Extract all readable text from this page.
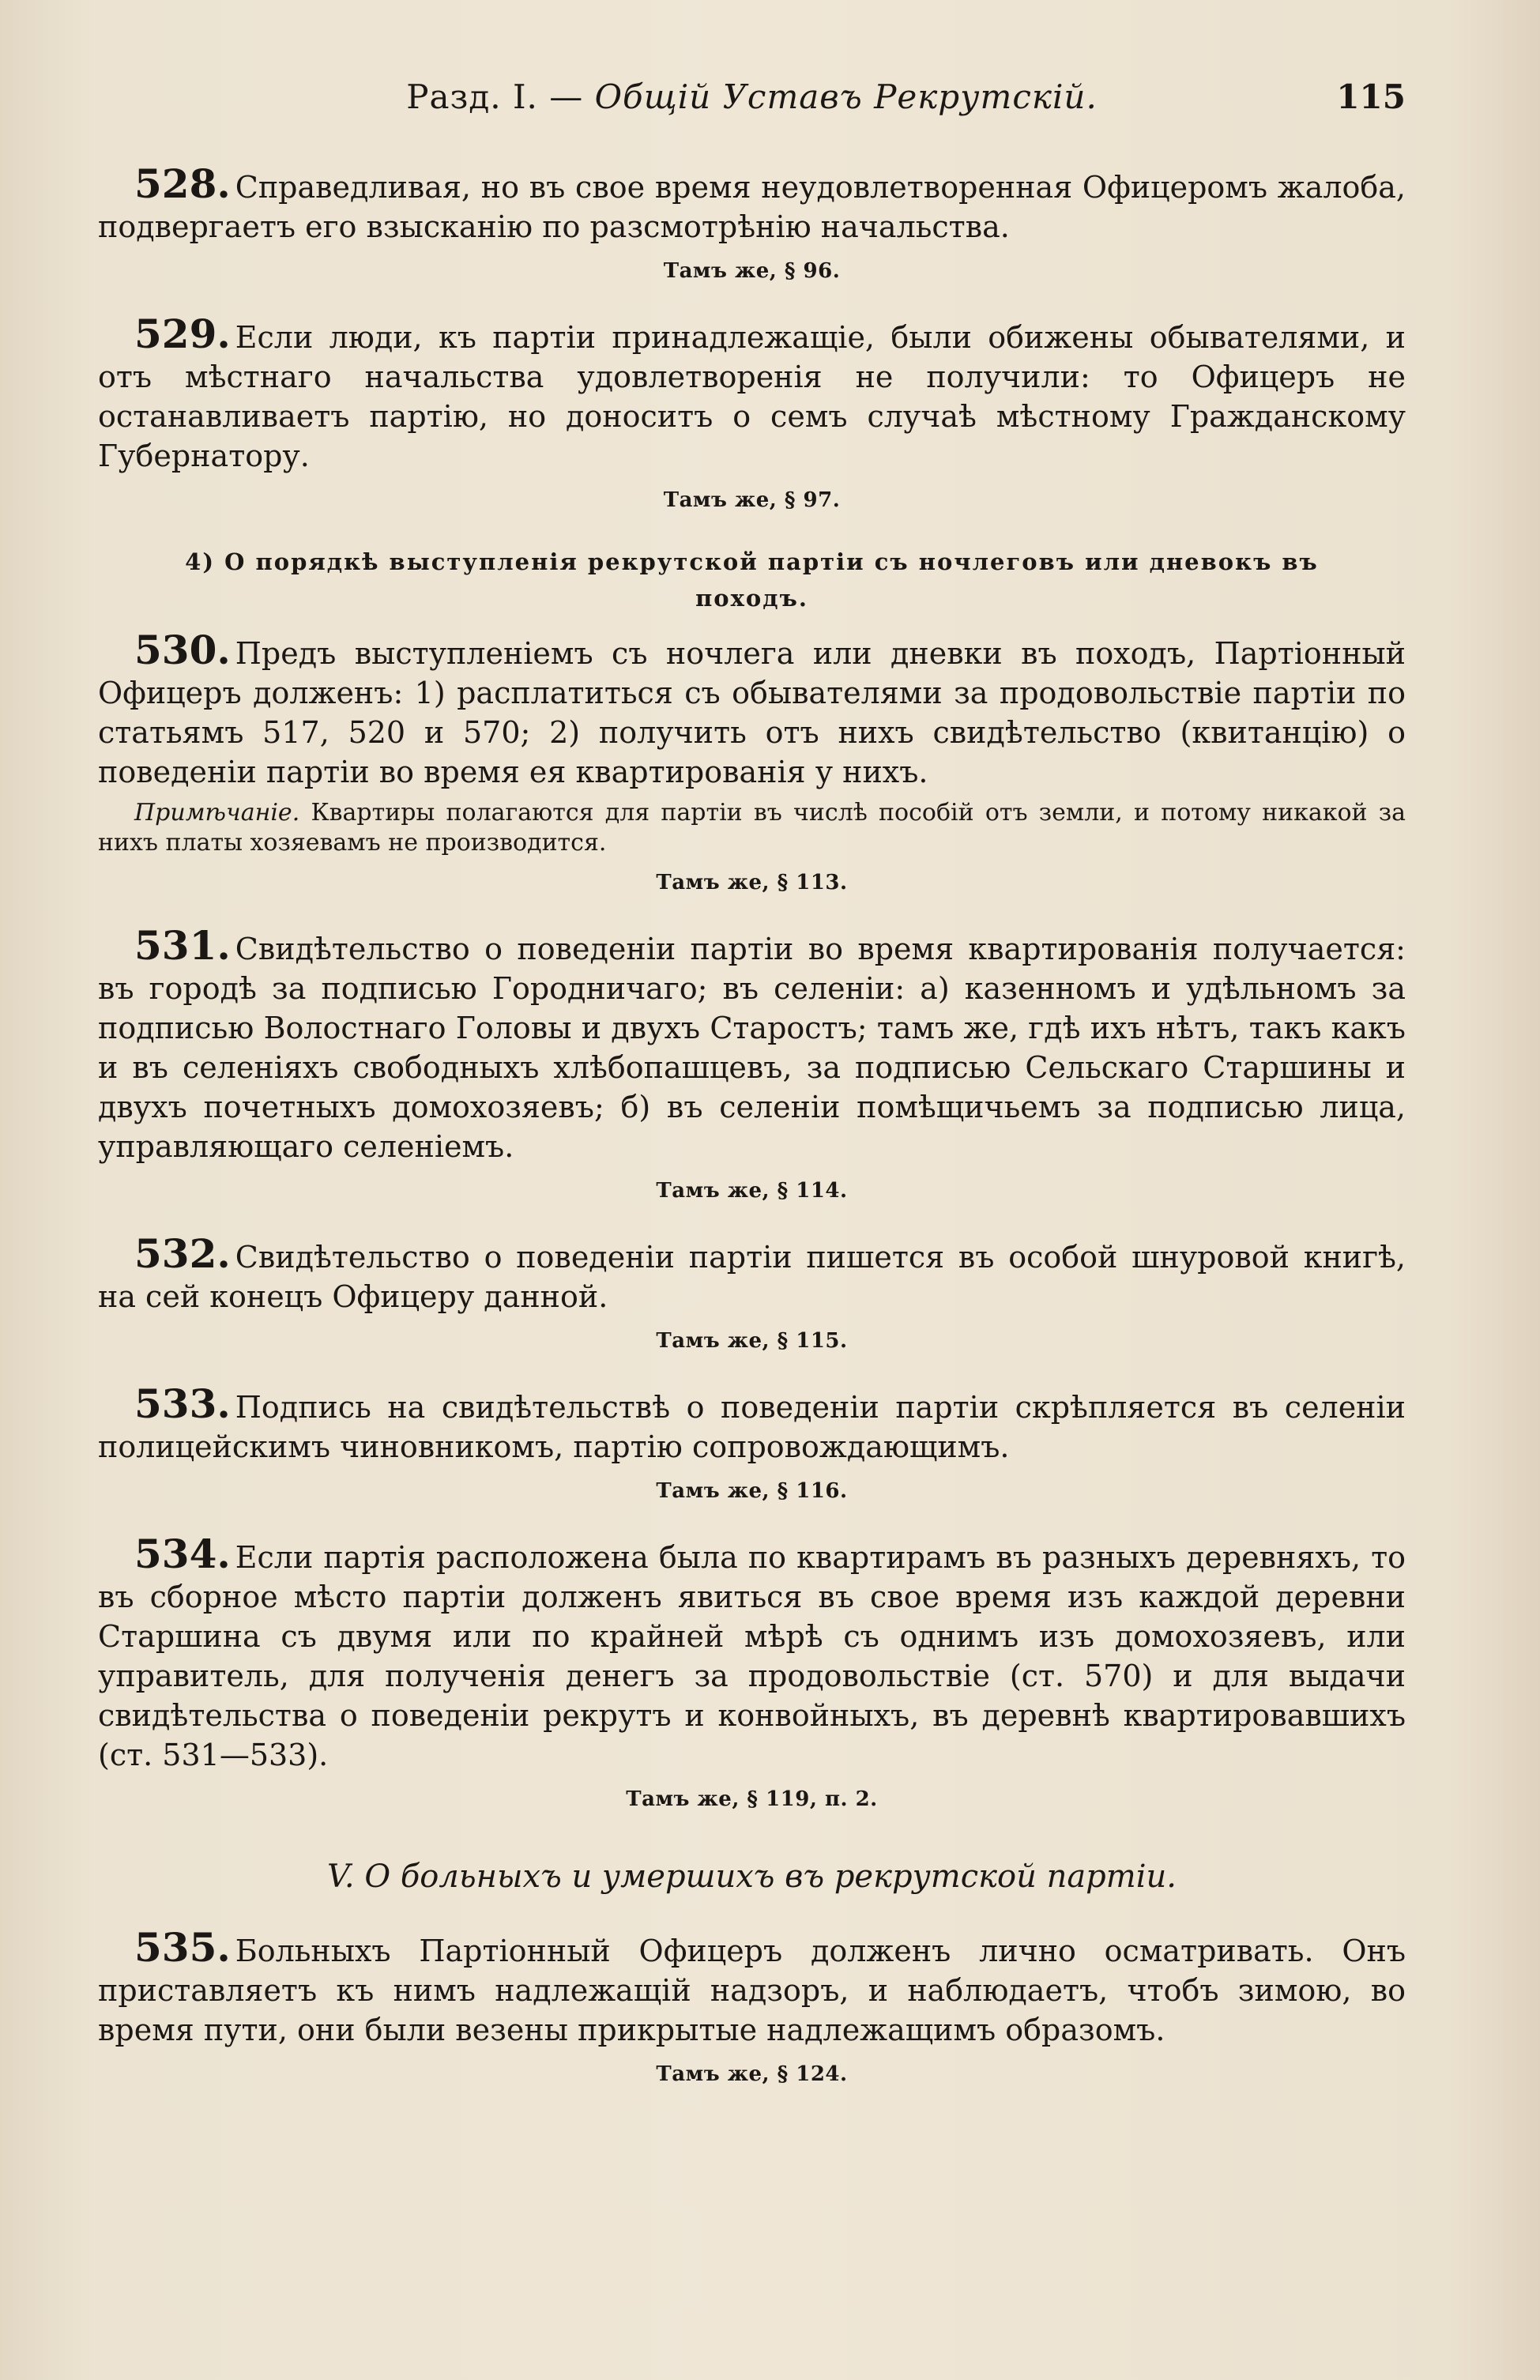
Разд. I. — Общій Уставъ Рекрутскій.	115

528. Справедливая, но въ свое время неудовлетворенная Офицеромъ жалоба, подвергаетъ его взысканію по разсмотрѣнію начальства.

Тамъ же, § 96.

529. Если люди, къ партіи принадлежащіе, были обижены обывателями, и отъ мѣстнаго начальства удовлетворенія не получили: то Офицеръ не останавливаетъ партію, но доноситъ о семъ случаѣ мѣстному Гражданскому Губернатору.

Тамъ же, § 97.
4) О порядкѣ выступленія рекрутской партіи съ ночлеговъ или дневокъ въ походъ.

530. Предъ выступленіемъ съ ночлега или дневки въ походъ, Партіонный Офицеръ долженъ: 1) расплатиться съ обывателями за продовольствіе партіи по статьямъ 517, 520 и 570; 2) получить отъ нихъ свидѣтельство (квитанцію) о поведеніи партіи во время ея квартированія у нихъ.

Примѣчаніе. Квартиры полагаются для партіи въ числѣ пособій отъ земли, и потому никакой за нихъ платы хозяевамъ не производится.
Тамъ же, § 113.

531. Свидѣтельство о поведеніи партіи во время квартированія получается: въ городѣ за подписью Городничаго; въ селеніи: а) казенномъ и удѣльномъ за подписью Волостнаго Головы и двухъ Старостъ; тамъ же, гдѣ ихъ нѣтъ, такъ какъ и въ селеніяхъ свободныхъ хлѣбопашцевъ, за подписью Сельскаго Старшины и двухъ почетныхъ домохозяевъ; б) въ селеніи помѣщичьемъ за подписью лица, управляющаго селеніемъ.

Тамъ же, § 114.

532. Свидѣтельство о поведеніи партіи пишется въ особой шнуровой книгѣ, на сей конецъ Офицеру данной.

Тамъ же, § 115.

533. Подпись на свидѣтельствѣ о поведеніи партіи скрѣпляется въ селеніи полицейскимъ чиновникомъ, партію сопровождающимъ.

Тамъ же, § 116.

534. Если партія расположена была по квартирамъ въ разныхъ деревняхъ, то въ сборное мѣсто партіи долженъ явиться въ свое время изъ каждой деревни Старшина съ двумя или по крайней мѣрѣ съ однимъ изъ домохозяевъ, или управитель, для полученія денегъ за продовольствіе (ст. 570) и для выдачи свидѣтельства о поведеніи рекрутъ и конвойныхъ, въ деревнѣ квартировавшихъ (ст. 531—533).

Тамъ же, § 119, п. 2.
V. О больныхъ и умершихъ въ рекрутской партіи.

535. Больныхъ Партіонный Офицеръ долженъ лично осматривать. Онъ приставляетъ къ нимъ надлежащій надзоръ, и наблюдаетъ, чтобъ зимою, во время пути, они были везены прикрытые надлежащимъ образомъ.

Тамъ же, § 124.
